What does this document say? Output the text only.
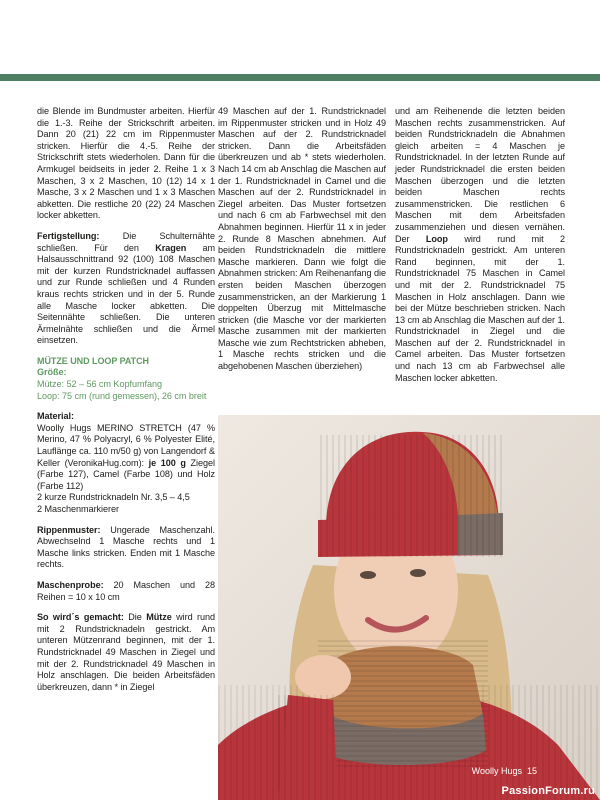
die Blende im Bundmuster arbeiten. Hierfür die 1.-3. Reihe der Strickschrift arbeiten. Dann 20 (21) 22 cm im Rippenmuster stricken. Hierfür die 4.-5. Reihe der Strickschrift stets wiederholen. Dann für die Armkugel beidseits in jeder 2. Reihe 1 x 3 Maschen, 3 x 2 Maschen, 10 (12) 14 x 1 Masche, 3 x 2 Maschen und 1 x 3 Maschen abketten. Die restliche 20 (22) 24 Maschen locker abketten.

Fertigstellung: Die Schulternähte schließen. Für den Kragen am Halsausschnittrand 92 (100) 108 Maschen mit der kurzen Rundstricknadel auffassen und zur Runde schließen und 4 Runden kraus rechts stricken und in der 5. Runde alle Masche locker abketten. Die Seitennähte schließen. Die unteren Ärmelnähte schließen und die Ärmel einsetzen.

MÜTZE UND LOOP PATCH

Größe:

Mütze: 52 – 56 cm Kopfumfang

Loop: 75 cm (rund gemessen), 26 cm breit

Material:

Woolly Hugs MERINO STRETCH (47 % Merino, 47 % Polyacryl, 6 % Polyester Elité, Lauflänge ca. 110 m/50 g) von Langendorf & Keller (VeronikaHug.com): je 100 g Ziegel (Farbe 127), Camel (Farbe 108) und Holz (Farbe 112)

2 kurze Rundstricknadeln Nr. 3,5 – 4,5

2 Maschenmarkierer

Rippenmuster: Ungerade Maschenzahl. Abwechselnd 1 Masche rechts und 1 Masche links stricken. Enden mit 1 Masche rechts.

Maschenprobe: 20 Maschen und 28 Reihen = 10 x 10 cm

So wird´s gemacht: Die Mütze wird rund mit 2 Rundstricknadeln gestrickt. Am unteren Mützenrand beginnen, mit der 1. Rundstricknadel 49 Maschen in Ziegel und mit der 2. Rundstricknadel 49 Maschen in Holz anschlagen. Die beiden Arbeitsfäden überkreuzen, dann * in Ziegel

49 Maschen auf der 1. Rundstricknadel im Rippenmuster stricken und in Holz 49 Maschen auf der 2. Rundstricknadel stricken. Dann die Arbeitsfäden überkreuzen und ab * stets wiederholen. Nach 14 cm ab Anschlag die Maschen auf der 1. Rundstricknadel in Camel und die Maschen auf der 2. Rundstricknadel in Ziegel arbeiten. Das Muster fortsetzen und nach 6 cm ab Farbwechsel mit den Abnahmen beginnen. Hierfür 11 x in jeder 2. Runde 8 Maschen abnehmen. Auf beiden Rundstricknadeln die mittlere Masche markieren. Dann wie folgt die Abnahmen stricken: Am Reihenanfang die ersten beiden Maschen überzogen zusammenstricken, an der Markierung 1 doppelten Überzug mit Mittelmasche stricken (die Masche vor der markierten Masche zusammen mit der markierten Masche wie zum Rechtstricken abheben, 1 Masche rechts stricken und die abgehobenen Maschen überziehen)

und am Reihenende die letzten beiden Maschen rechts zusammenstricken. Auf beiden Rundstricknadeln die Abnahmen gleich arbeiten = 4 Maschen je Rundstricknadel. In der letzten Runde auf jeder Rundstricknadel die ersten beiden Maschen überzogen und die letzten beiden Maschen rechts zusammenstricken. Die restlichen 6 Maschen mit dem Arbeitsfaden zusammenziehen und diesen vernähen. Der Loop wird rund mit 2 Rundstricknadeln gestrickt. Am unteren Rand beginnen, mit der 1. Rundstricknadel 75 Maschen in Camel und mit der 2. Rundstricknadel 75 Maschen in Holz anschlagen. Dann wie bei der Mütze beschrieben stricken. Nach 13 cm ab Anschlag die Maschen auf der 1. Rundstricknadel in Ziegel und die Maschen auf der 2. Rundstricknadel in Camel arbeiten. Das Muster fortsetzen und nach 13 cm ab Farbwechsel alle Maschen locker abketten.

Woolly Hugs 15
PassionForum.ru
